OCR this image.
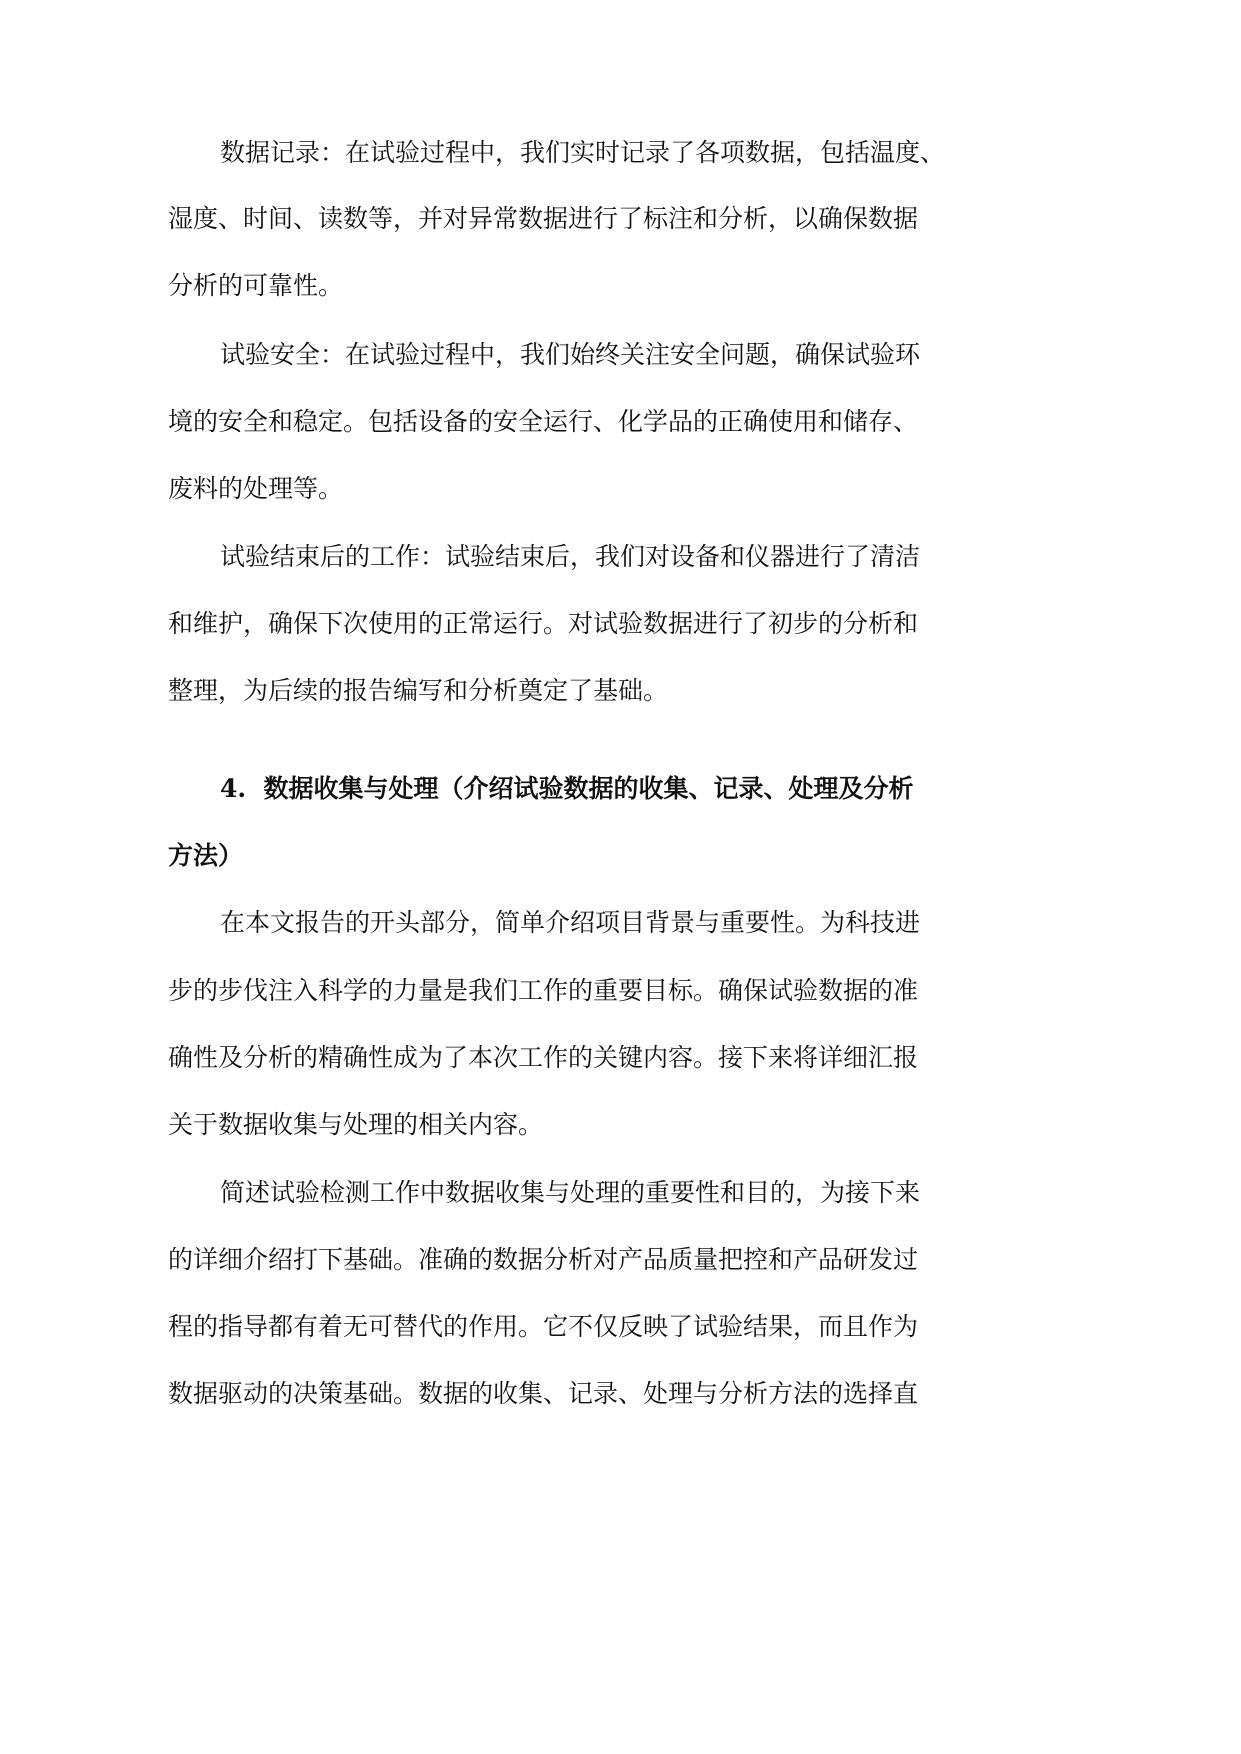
数据记录：在试验过程中，我们实时记录了各项数据，包括温度、
湿度、时间、读数等，并对异常数据进行了标注和分析，以确保数据
分析的可靠性。
试验安全：在试验过程中，我们始终关注安全问题，确保试验环
境的安全和稳定。包括设备的安全运行、化学品的正确使用和储存、
废料的处理等。
试验结束后的工作：试验结束后，我们对设备和仪器进行了清洁
和维护，确保下次使用的正常运行。对试验数据进行了初步的分析和
整理，为后续的报告编写和分析奠定了基础。
4.  数据收集与处理（介绍试验数据的收集、记录、处理及分析
方法）
在本文报告的开头部分，简单介绍项目背景与重要性。为科技进
步的步伐注入科学的力量是我们工作的重要目标。确保试验数据的准
确性及分析的精确性成为了本次工作的关键内容。接下来将详细汇报
关于数据收集与处理的相关内容。
简述试验检测工作中数据收集与处理的重要性和目的，为接下来
的详细介绍打下基础。准确的数据分析对产品质量把控和产品研发过
程的指导都有着无可替代的作用。它不仅反映了试验结果，而且作为
数据驱动的决策基础。数据的收集、记录、处理与分析方法的选择直
